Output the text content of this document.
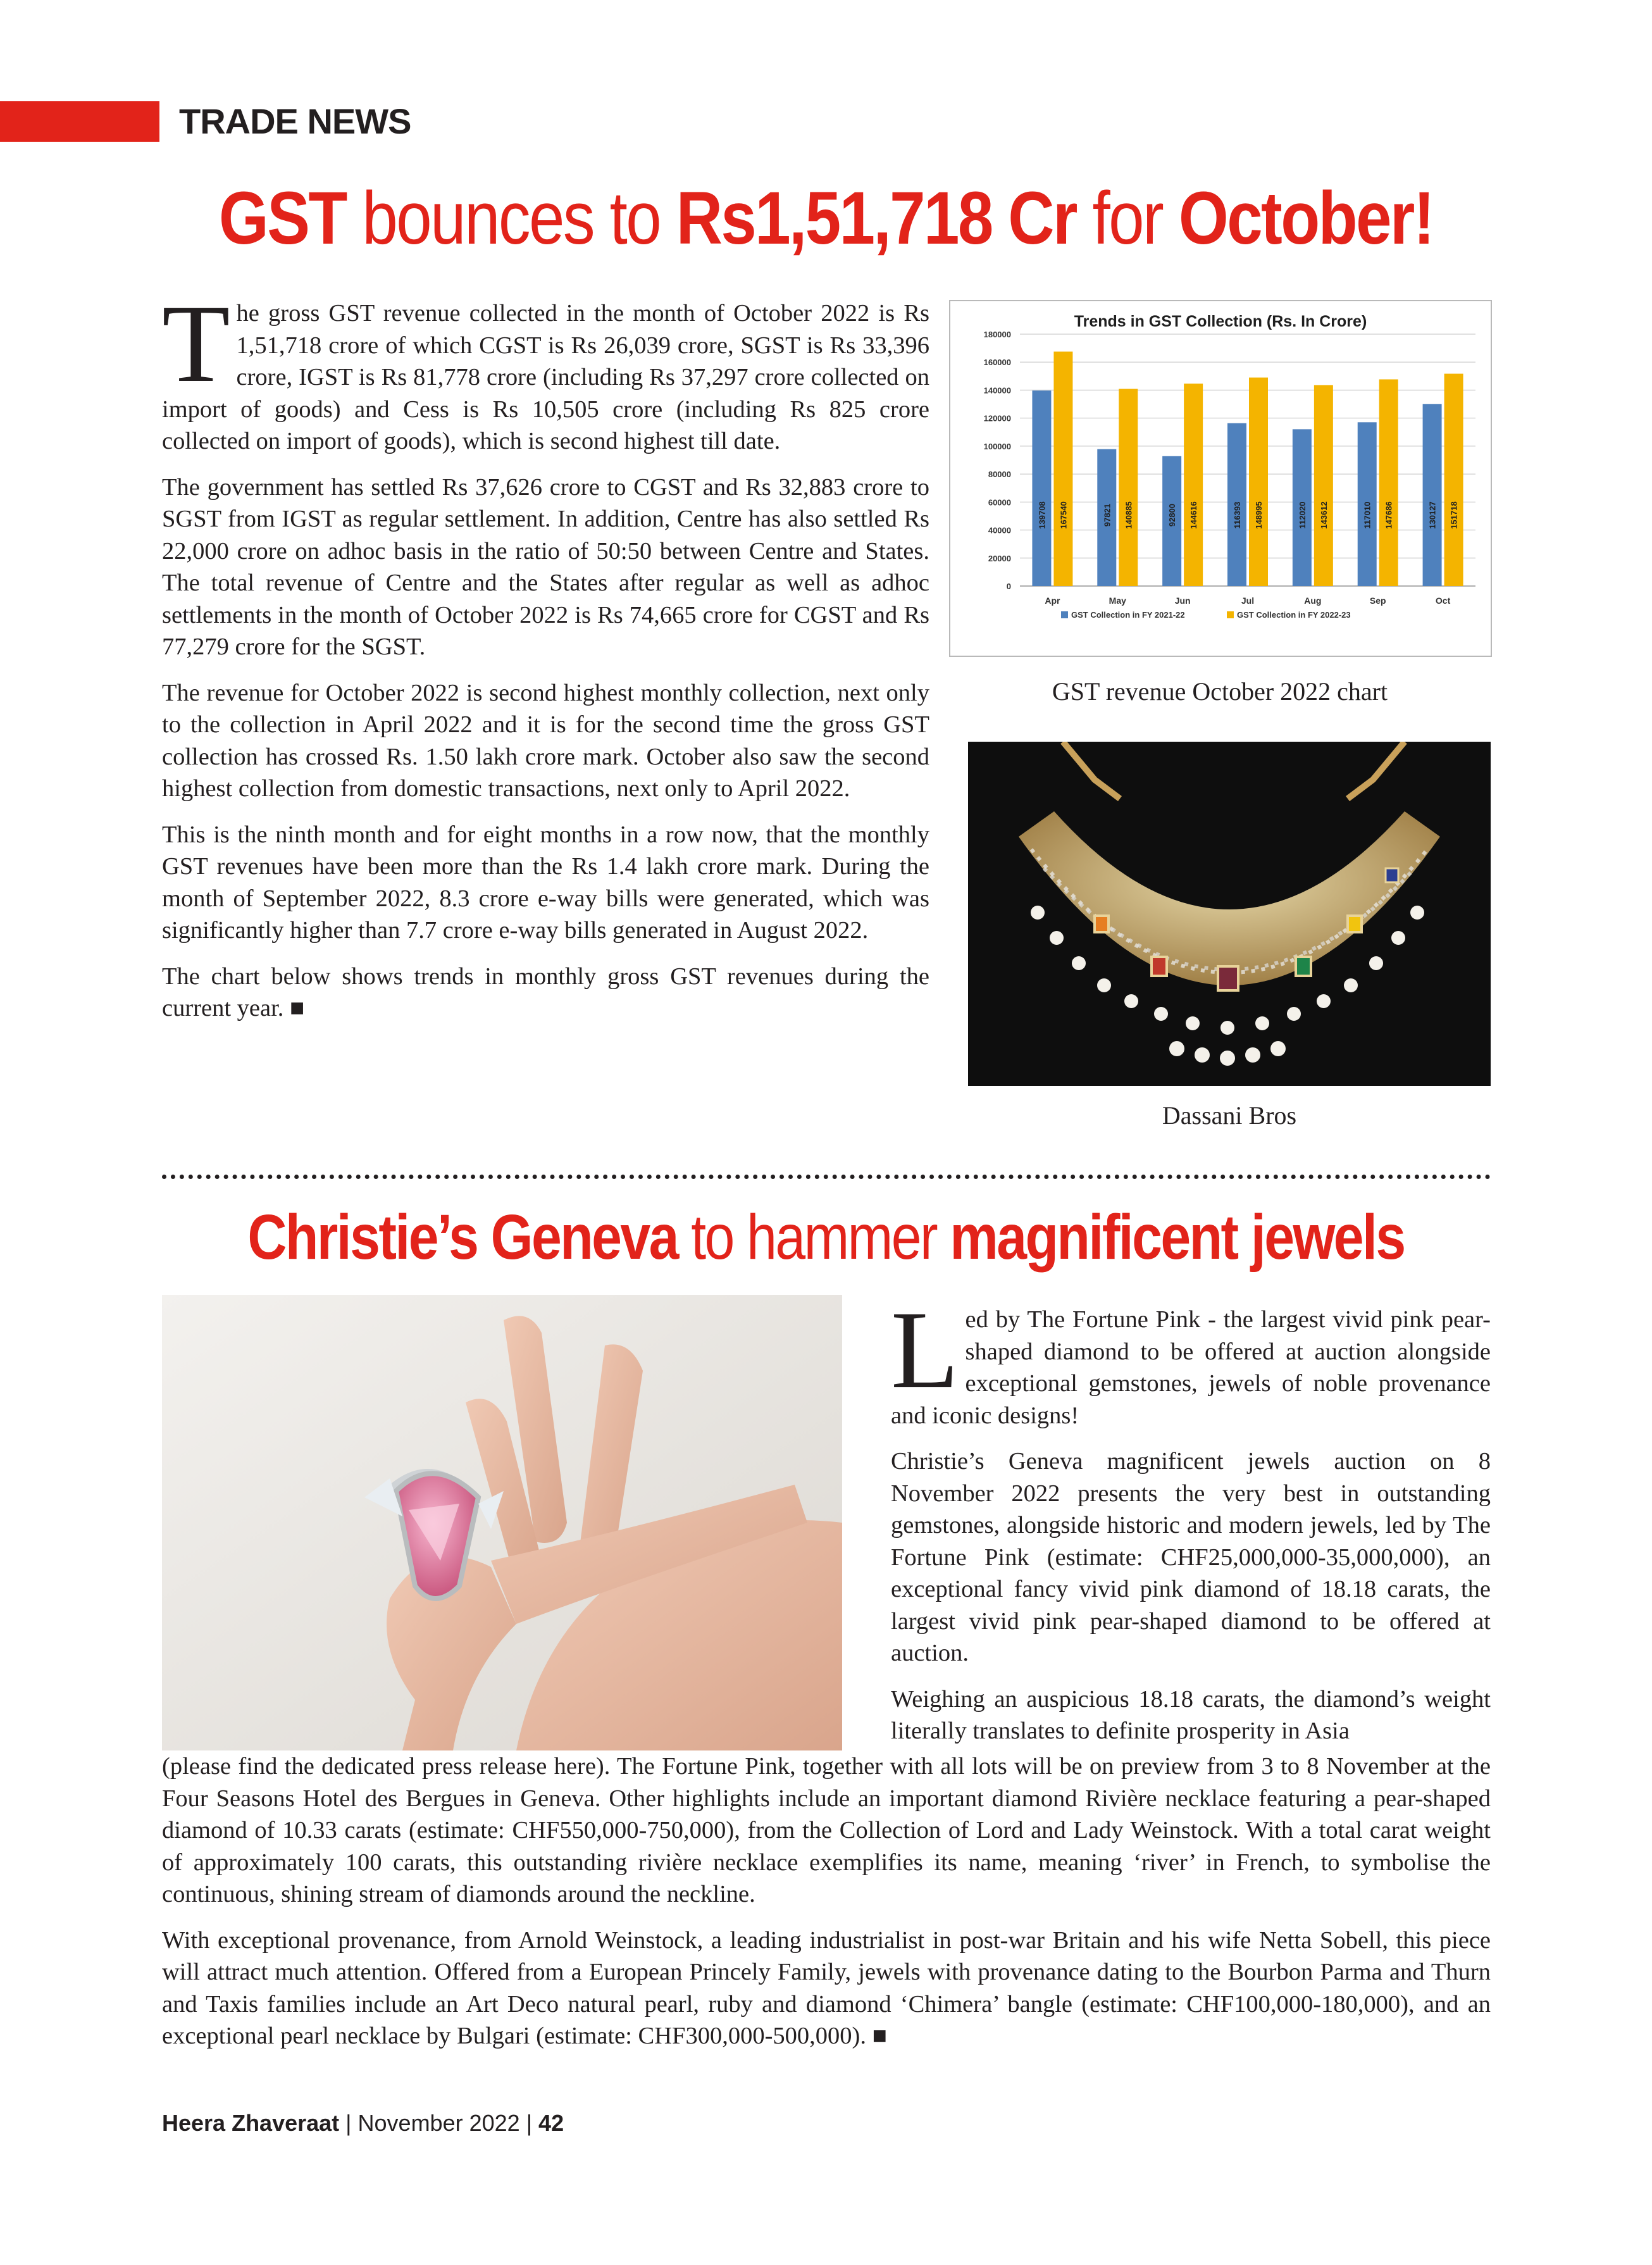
TRADE NEWS
GST bounces to Rs1,51,718 Cr for October!

The gross GST revenue collected in the month of October 2022 is Rs 1,51,718 crore of which CGST is Rs 26,039 crore, SGST is Rs 33,396 crore, IGST is Rs 81,778 crore (including Rs 37,297 crore collected on import of goods) and Cess is Rs 10,505 crore (including Rs 825 crore collected on import of goods), which is second highest till date.

The government has settled Rs 37,626 crore to CGST and Rs 32,883 crore to SGST from IGST as regular settlement. In addition, Centre has also settled Rs 22,000 crore on adhoc basis in the ratio of 50:50 between Centre and States. The total revenue of Centre and the States after regular as well as adhoc settlements in the month of October 2022 is Rs 74,665 crore for CGST and Rs 77,279 crore for the SGST.

The revenue for October 2022 is second highest monthly collection, next only to the collection in April 2022 and it is for the second time the gross GST collection has crossed Rs. 1.50 lakh crore mark. October also saw the second highest collection from domestic transactions, next only to April 2022.

This is the ninth month and for eight months in a row now, that the monthly GST revenues have been more than the Rs 1.4 lakh crore mark. During the month of September 2022, 8.3 crore e-way bills were generated, which was significantly higher than 7.7 crore e-way bills generated in August 2022.

The chart below shows trends in monthly gross GST revenues during the current year. ■

Trends in GST Collection (Rs. In Crore)
0
20000
40000
60000
80000
100000
120000
140000
160000
180000
139708 167540
Apr
97821 140885
May
92800 144616
Jun
116393 148995
Jul
112020 143612
Aug
117010 147686
Sep
130127 151718
Oct
GST Collection in FY 2021-22	GST Collection in FY 2022-23
GST revenue October 2022 chart
Dassani Bros
Christie’s Geneva to hammer magnificent jewels

Led by The Fortune Pink - the largest vivid pink pear-shaped diamond to be offered at auction alongside exceptional gemstones, jewels of noble provenance and iconic designs!

Christie’s Geneva magnificent jewels auction on 8 November 2022 presents the very best in outstanding gemstones, alongside historic and modern jewels, led by The Fortune Pink (estimate: CHF25,000,000-35,000,000), an exceptional fancy vivid pink diamond of 18.18 carats, the largest vivid pink pear-shaped diamond to be offered at auction.

Weighing an auspicious 18.18 carats, the diamond’s weight literally translates to definite prosperity in Asia

(please find the dedicated press release here). The Fortune Pink, together with all lots will be on preview from 3 to 8 November at the Four Seasons Hotel des Bergues in Geneva. Other highlights include an important diamond Rivière necklace featuring a pear-shaped diamond of 10.33 carats (estimate: CHF550,000-750,000), from the Collection of Lord and Lady Weinstock. With a total carat weight of approximately 100 carats, this outstanding rivière necklace exemplifies its name, meaning ‘river’ in French, to symbolise the continuous, shining stream of diamonds around the neckline.

With exceptional provenance, from Arnold Weinstock, a leading industrialist in post-war Britain and his wife Netta Sobell, this piece will attract much attention. Offered from a European Princely Family, jewels with provenance dating to the Bourbon Parma and Thurn and Taxis families include an Art Deco natural pearl, ruby and diamond ‘Chimera’ bangle (estimate: CHF100,000-180,000), and an exceptional pearl necklace by Bulgari (estimate: CHF300,000-500,000). ■

Heera Zhaveraat | November 2022 | 42
